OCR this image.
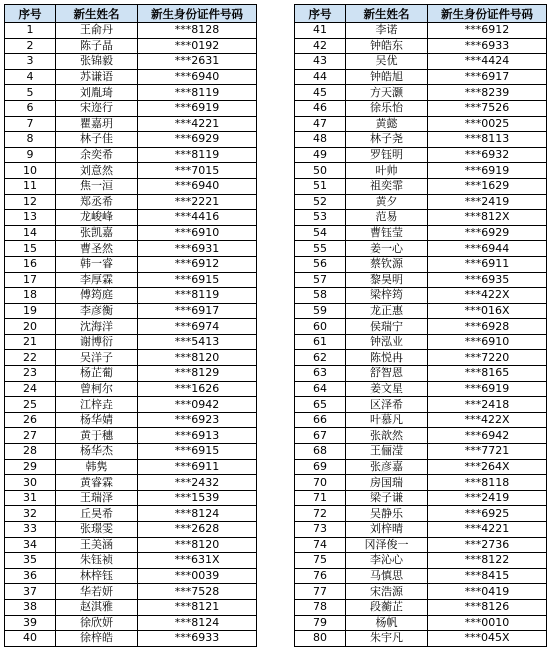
序号	新生姓名	新生身份证件号码
1	王俞丹	***8128
2	陈子晶	***0192
3	张锦毅	***2631
4	苏谦语	***6940
5	刘胤琦	***8119
6	宋迩行	***6919
7	瞿嘉玥	***4221
8	林子佳	***6929
9	余奕希	***8119
10	刘意然	***7015
11	焦一洹	***6940
12	郑丞希	***2221
13	龙峻峰	***4416
14	张凯嘉	***6910
15	曹圣然	***6931
16	韩一睿	***6912
17	李厚霖	***6915
18	傅筠庭	***8119
19	李彦衡	***6917
20	沈海洋	***6974
21	谢博衍	***5413
22	吴洋子	***8120
23	杨芷葡	***8129
24	曾柯尔	***1626
25	江梓垚	***0942
26	杨华婧	***6923
27	黄于穗	***6913
28	杨华杰	***6915
29	韩隽	***6911
30	黄睿霖	***2432
31	王瑞泽	***1539
32	丘昊希	***8124
33	张璟雯	***2628
34	王美涵	***8120
35	朱钰祯	***631X
36	林梓钰	***0039
37	华若妍	***7528
38	赵淇雅	***8121
39	徐欣妍	***8124
40	徐梓皓	***6933
序号	新生姓名	新生身份证件号码
41	李诺	***6912
42	钟皓东	***6933
43	吴优	***4424
44	钟皓旭	***6917
45	方天灏	***8239
46	徐乐怡	***7526
47	黄懿	***0025
48	林子尧	***8113
49	罗钰明	***6932
50	叶帅	***6919
51	祖奕霏	***1629
52	黄夕	***2419
53	范易	***812X
54	曹钰莹	***6929
55	姜一心	***6944
56	蔡钦源	***6911
57	黎昊明	***6935
58	梁梓筠	***422X
59	龙正惠	***016X
60	侯瑞宁	***6928
61	钟泓业	***6910
62	陈悦冉	***7220
63	舒智恩	***8165
64	姜文星	***6919
65	区泽希	***2418
66	叶慕凡	***422X
67	张歆然	***6942
68	王俪滢	***7721
69	张彦嘉	***264X
70	房国瑞	***8118
71	梁子谦	***2419
72	吴静乐	***6925
73	刘梓晴	***4221
74	冈泽俊一	***2736
75	李沁心	***8122
76	马慎思	***8415
77	宋浩源	***0419
78	段蘅芷	***8126
79	杨帆	***0010
80	朱宇凡	***045X
